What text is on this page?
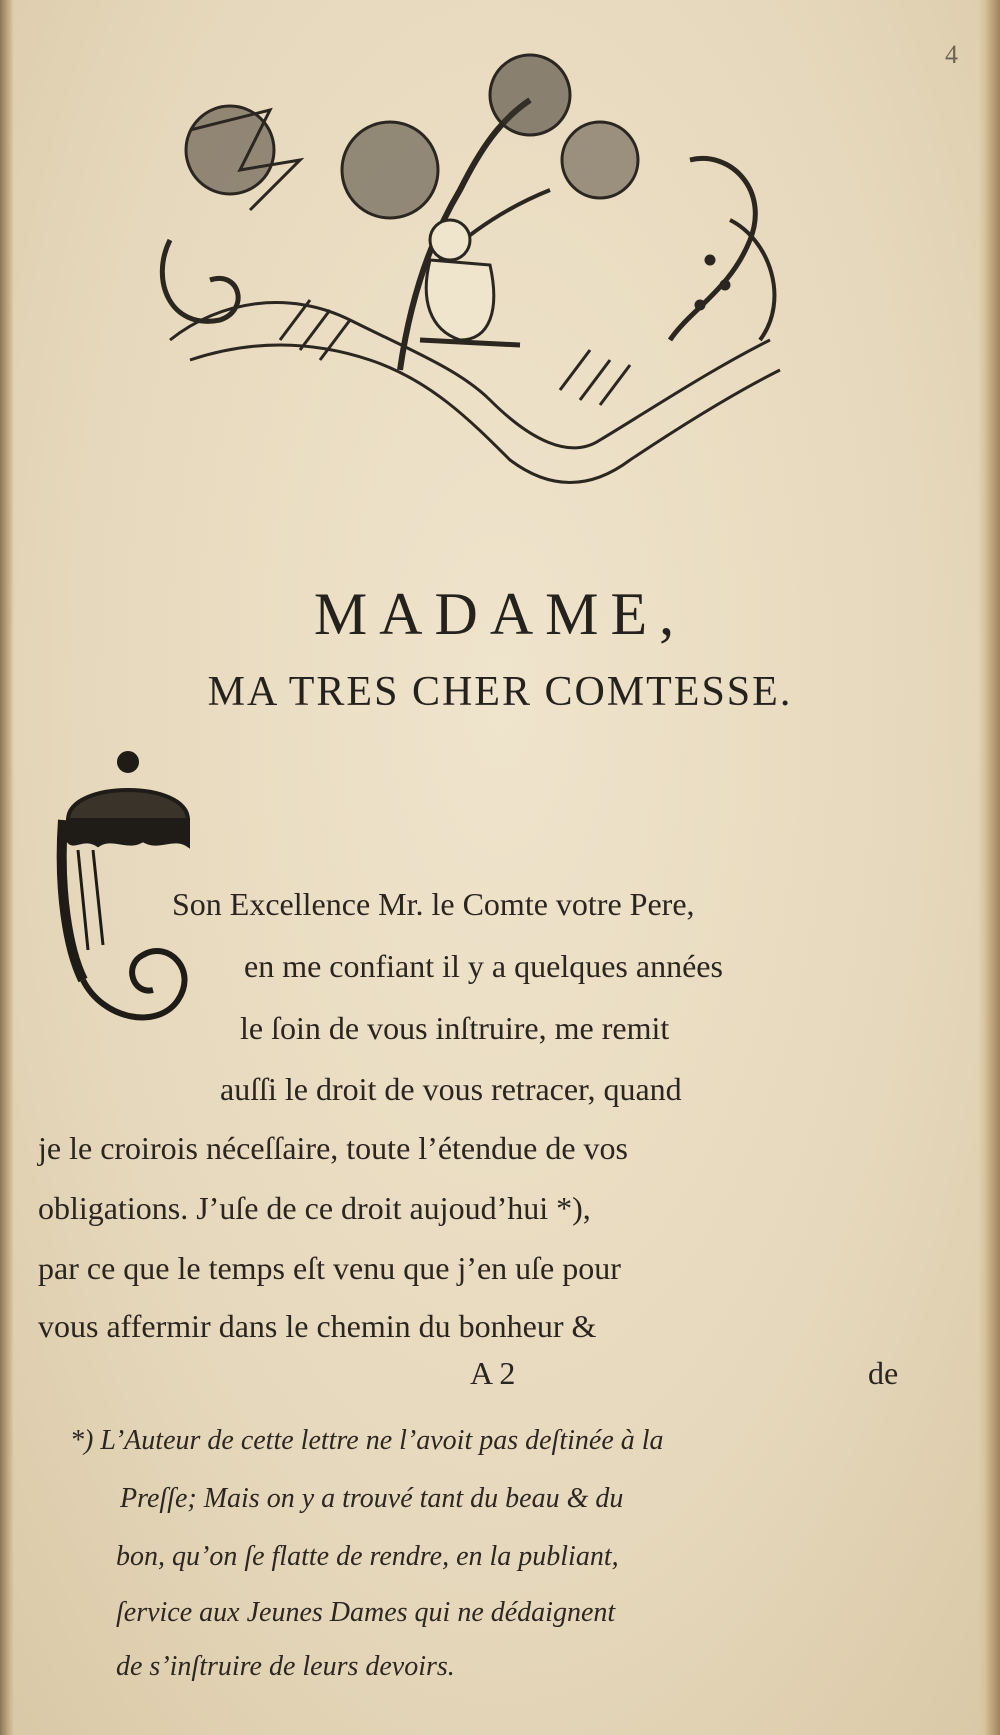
4
MADAME,
MA TRES CHER COMTESSE.
Son Excellence Mr. le Comte votre Pere,
en me confiant il y a quelques années
le ſoin de vous inſtruire, me remit
auſſi le droit de vous retracer, quand
je le croirois néceſſaire, toute l’étendue de vos
obligations. J’uſe de ce droit aujoud’hui *),
par ce que le temps eſt venu que j’en uſe pour
vous affermir dans le chemin du bonheur &
A 2	de
*) L’Auteur de cette lettre ne l’avoit pas deſtinée à la
Preſſe; Mais on y a trouvé tant du beau & du
bon, qu’on ſe flatte de rendre, en la publiant,
ſervice aux Jeunes Dames qui ne dédaignent
de s’inſtruire de leurs devoirs.
